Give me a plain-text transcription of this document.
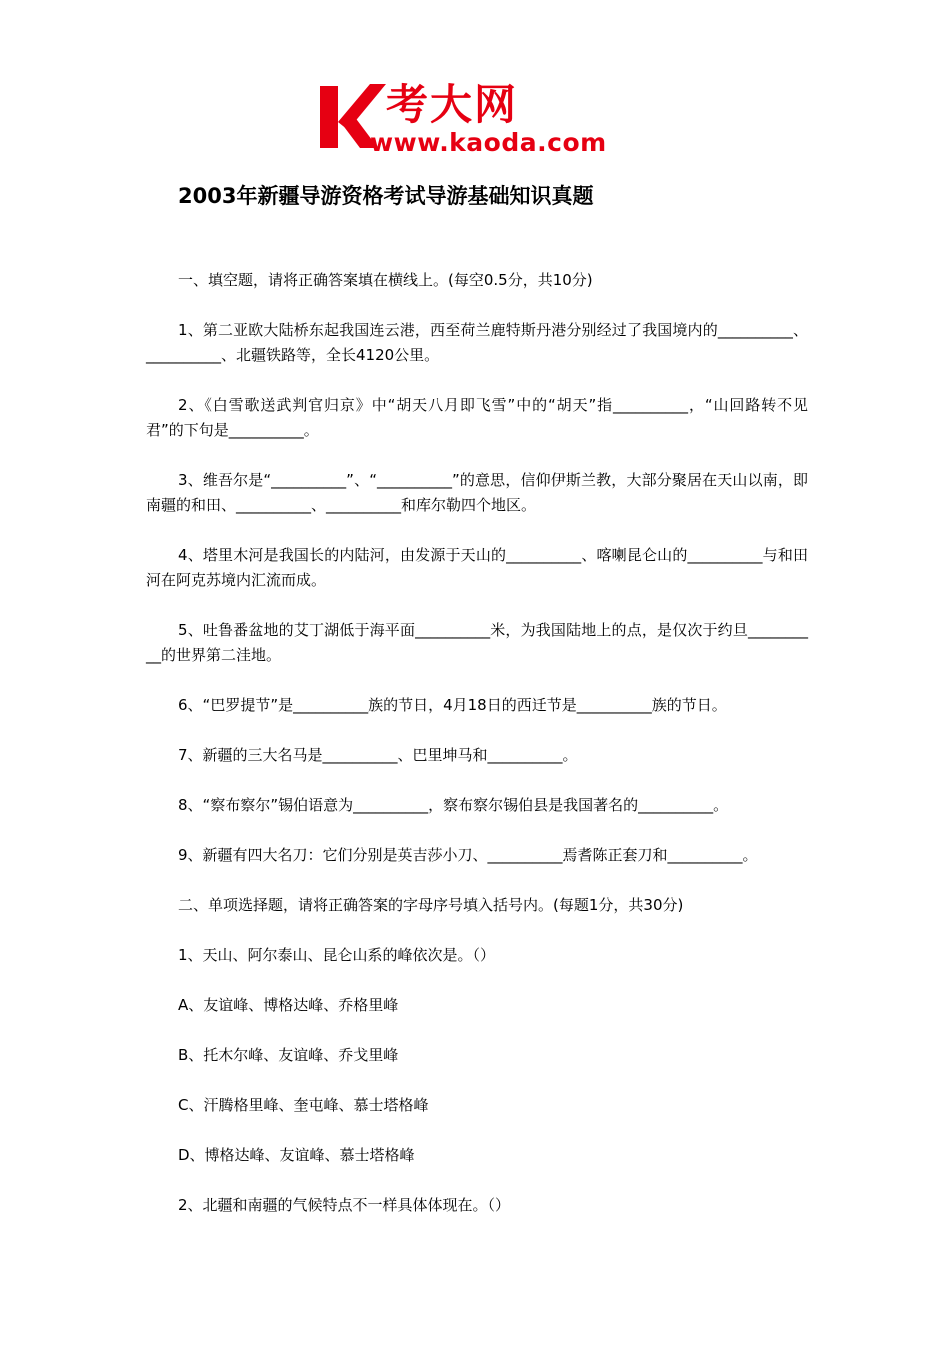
考大网
www.kaoda.com
2003年新疆导游资格考试导游基础知识真题

一、填空题，请将正确答案填在横线上。(每空0.5分，共10分)

1、第二亚欧大陆桥东起我国连云港，西至荷兰鹿特斯丹港分别经过了我国境内的__________、__________、北疆铁路等，全长4120公里。

2、《白雪歌送武判官归京》中“胡天八月即飞雪”中的“胡天”指__________，“山回路转不见君”的下句是__________。

3、维吾尔是“__________”、“__________”的意思，信仰伊斯兰教，大部分聚居在天山以南，即南疆的和田、__________、__________和库尔勒四个地区。

4、塔里木河是我国长的内陆河，由发源于天山的__________、喀喇昆仑山的__________与和田河在阿克苏境内汇流而成。

5、吐鲁番盆地的艾丁湖低于海平面__________米，为我国陆地上的点，是仅次于约旦__________的世界第二洼地。

6、“巴罗提节”是__________族的节日，4月18日的西迁节是__________族的节日。

7、新疆的三大名马是__________、巴里坤马和__________。

8、“察布察尔”锡伯语意为__________，察布察尔锡伯县是我国著名的__________。

9、新疆有四大名刀：它们分别是英吉莎小刀、__________焉耆陈正套刀和__________。

二、单项选择题，请将正确答案的字母序号填入括号内。(每题1分，共30分)

1、天山、阿尔泰山、昆仑山系的峰依次是。（）

A、友谊峰、博格达峰、乔格里峰

B、托木尔峰、友谊峰、乔戈里峰

C、汗腾格里峰、奎屯峰、慕士塔格峰

D、博格达峰、友谊峰、慕士塔格峰

2、北疆和南疆的气候特点不一样具体体现在。（）
